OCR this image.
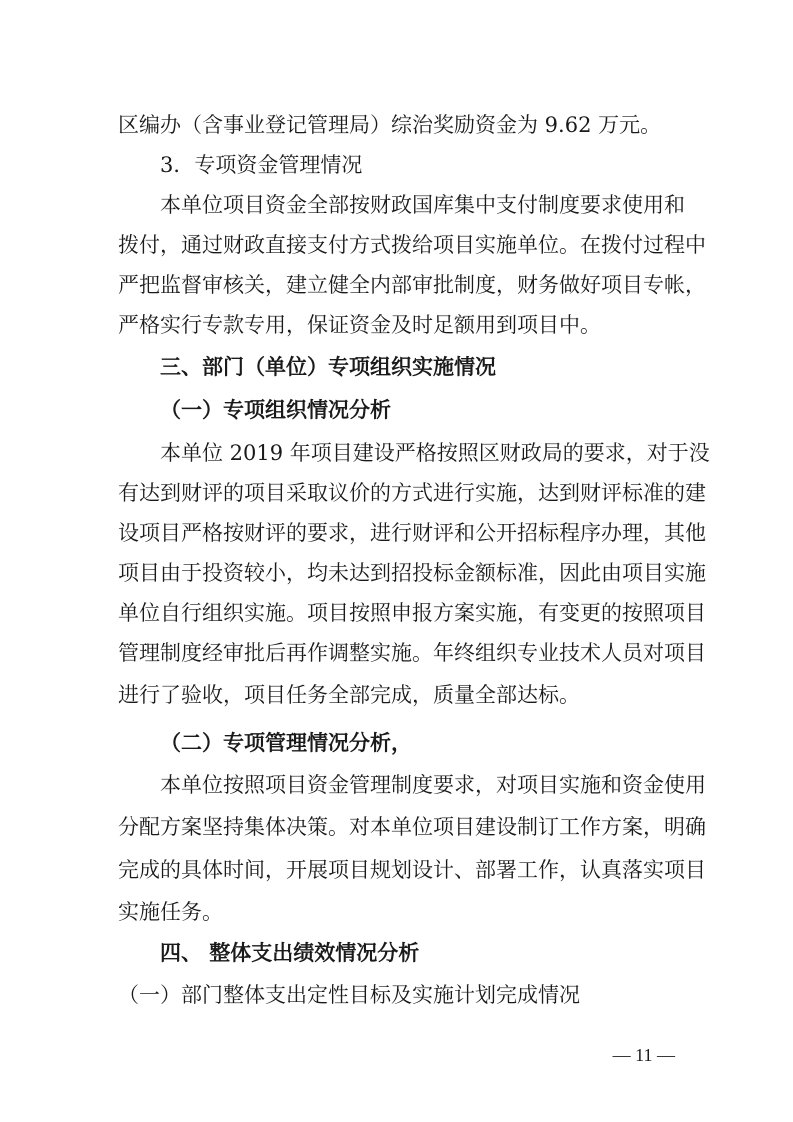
区编办（含事业登记管理局）综治奖励资金为 9.62 万元。
3．专项资金管理情况
本单位项目资金全部按财政国库集中支付制度要求使用和
拨付，通过财政直接支付方式拨给项目实施单位。在拨付过程中
严把监督审核关，建立健全内部审批制度，财务做好项目专帐，
严格实行专款专用，保证资金及时足额用到项目中。
三、部门（单位）专项组织实施情况
（一）专项组织情况分析
本单位 2019 年项目建设严格按照区财政局的要求，对于没
有达到财评的项目采取议价的方式进行实施，达到财评标准的建
设项目严格按财评的要求，进行财评和公开招标程序办理，其他
项目由于投资较小，均未达到招投标金额标准，因此由项目实施
单位自行组织实施。项目按照申报方案实施，有变更的按照项目
管理制度经审批后再作调整实施。年终组织专业技术人员对项目
进行了验收，项目任务全部完成，质量全部达标。
（二）专项管理情况分析，
本单位按照项目资金管理制度要求，对项目实施和资金使用
分配方案坚持集体决策。对本单位项目建设制订工作方案，明确
完成的具体时间，开展项目规划设计、部署工作，认真落实项目
实施任务。
四、 整体支出绩效情况分析
（一）部门整体支出定性目标及实施计划完成情况
— 11 —
